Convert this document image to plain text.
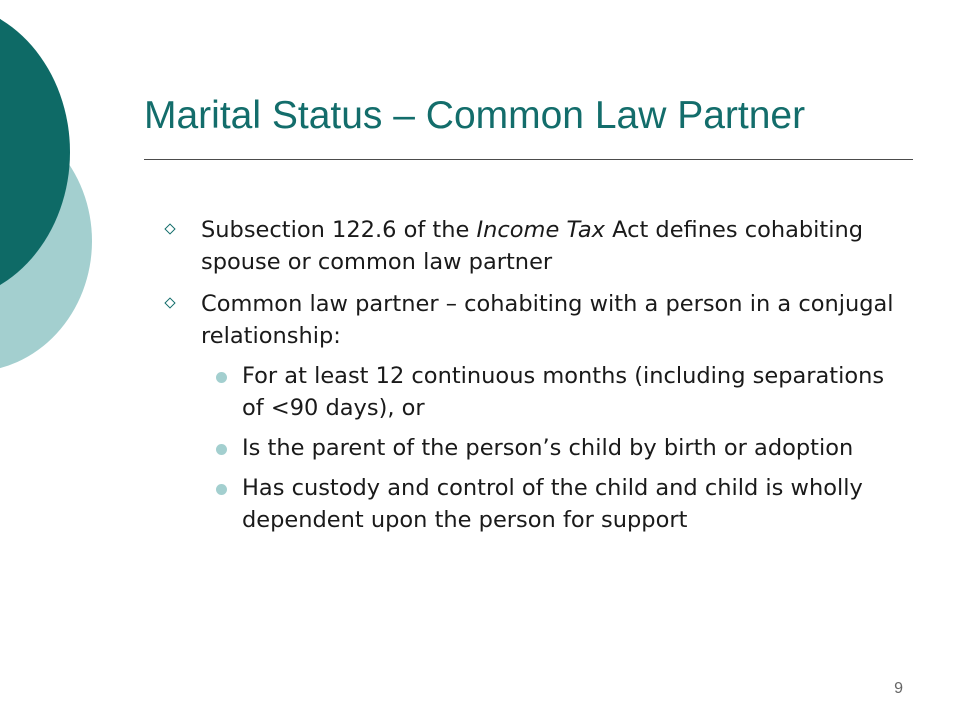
Marital Status – Common Law Partner
Subsection 122.6 of the Income Tax Act defines cohabiting spouse or common law partner
Common law partner – cohabiting with a person in a conjugal relationship:
For at least 12 continuous months (including separations of <90 days), or
Is the parent of the person’s child by birth or adoption
Has custody and control of the child and child is wholly dependent upon the person for support
9
